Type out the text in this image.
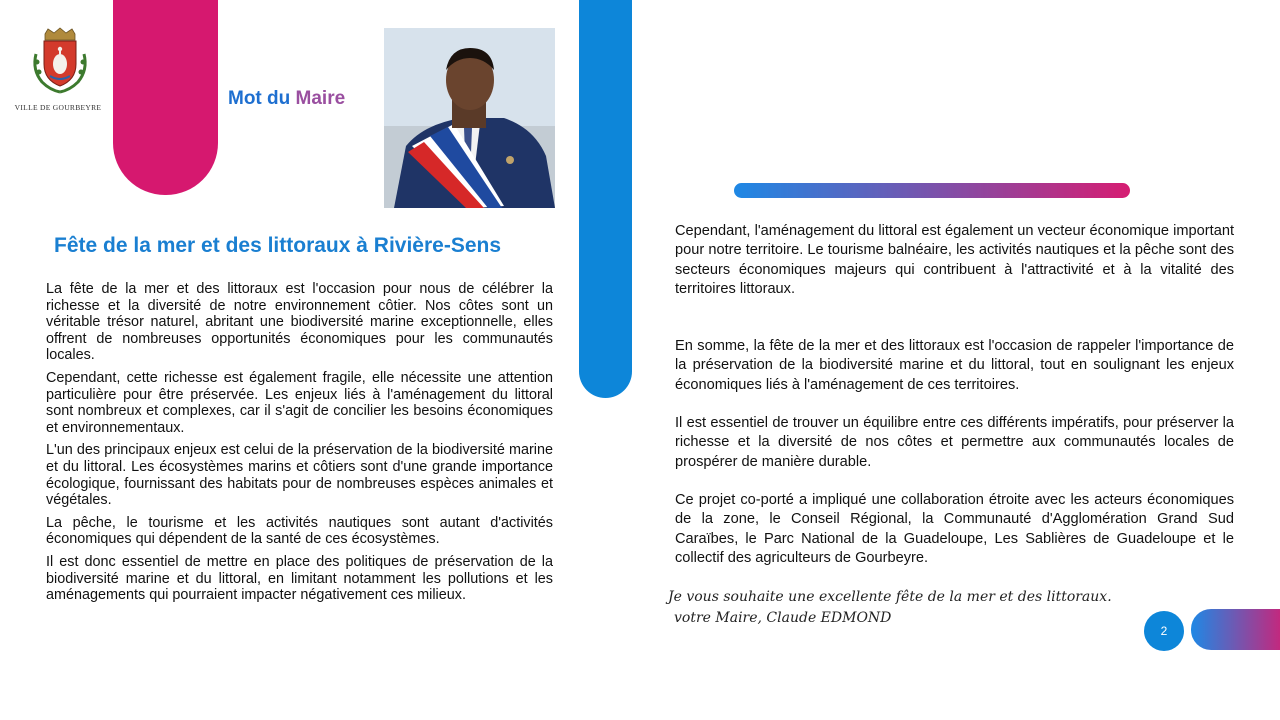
VILLE DE GOURBEYRE	Mot du Maire
Fête de la mer et des littoraux à Rivière-Sens

La fête de la mer et des littoraux est l'occasion pour nous de célébrer la richesse et la diversité de notre environnement côtier. Nos côtes sont un véritable trésor naturel, abritant une biodiversité marine exceptionnelle, elles offrent de nombreuses opportunités économiques pour les communautés locales.

Cependant, cette richesse est également fragile, elle nécessite une attention particulière pour être préservée. Les enjeux liés à l'aménagement du littoral sont nombreux et complexes, car il s'agit de concilier les besoins économiques et environnementaux.

L'un des principaux enjeux est celui de la préservation de la biodiversité marine et du littoral. Les écosystèmes marins et côtiers sont d'une grande importance écologique, fournissant des habitats pour de nombreuses espèces animales et végétales.

La pêche, le tourisme et les activités nautiques sont autant d'activités économiques qui dépendent de la santé de ces écosystèmes.

Il est donc essentiel de mettre en place des politiques de préservation de la biodiversité marine et du littoral, en limitant notamment les pollutions et les aménagements qui pourraient impacter négativement ces milieux.

Cependant, l'aménagement du littoral est également un vecteur économique important pour notre territoire. Le tourisme balnéaire, les activités nautiques et la pêche sont des secteurs économiques majeurs qui contribuent à l'attractivité et à la vitalité des territoires littoraux.

En somme, la fête de la mer et des littoraux est l'occasion de rappeler l'importance de la préservation de la biodiversité marine et du littoral, tout en soulignant les enjeux économiques liés à l'aménagement de ces territoires.

Il est essentiel de trouver un équilibre entre ces différents impératifs, pour préserver la richesse et la diversité de nos côtes et permettre aux communautés locales de prospérer de manière durable.

Ce projet co-porté a impliqué une collaboration étroite avec les acteurs économiques de la zone, le Conseil Régional, la Communauté d'Agglomération Grand Sud Caraïbes, le Parc National de la Guadeloupe, Les Sablières de Guadeloupe et le collectif des agriculteurs de Gourbeyre.

Je vous souhaite une excellente fête de la mer et des littoraux.
votre Maire, Claude EDMOND
2
